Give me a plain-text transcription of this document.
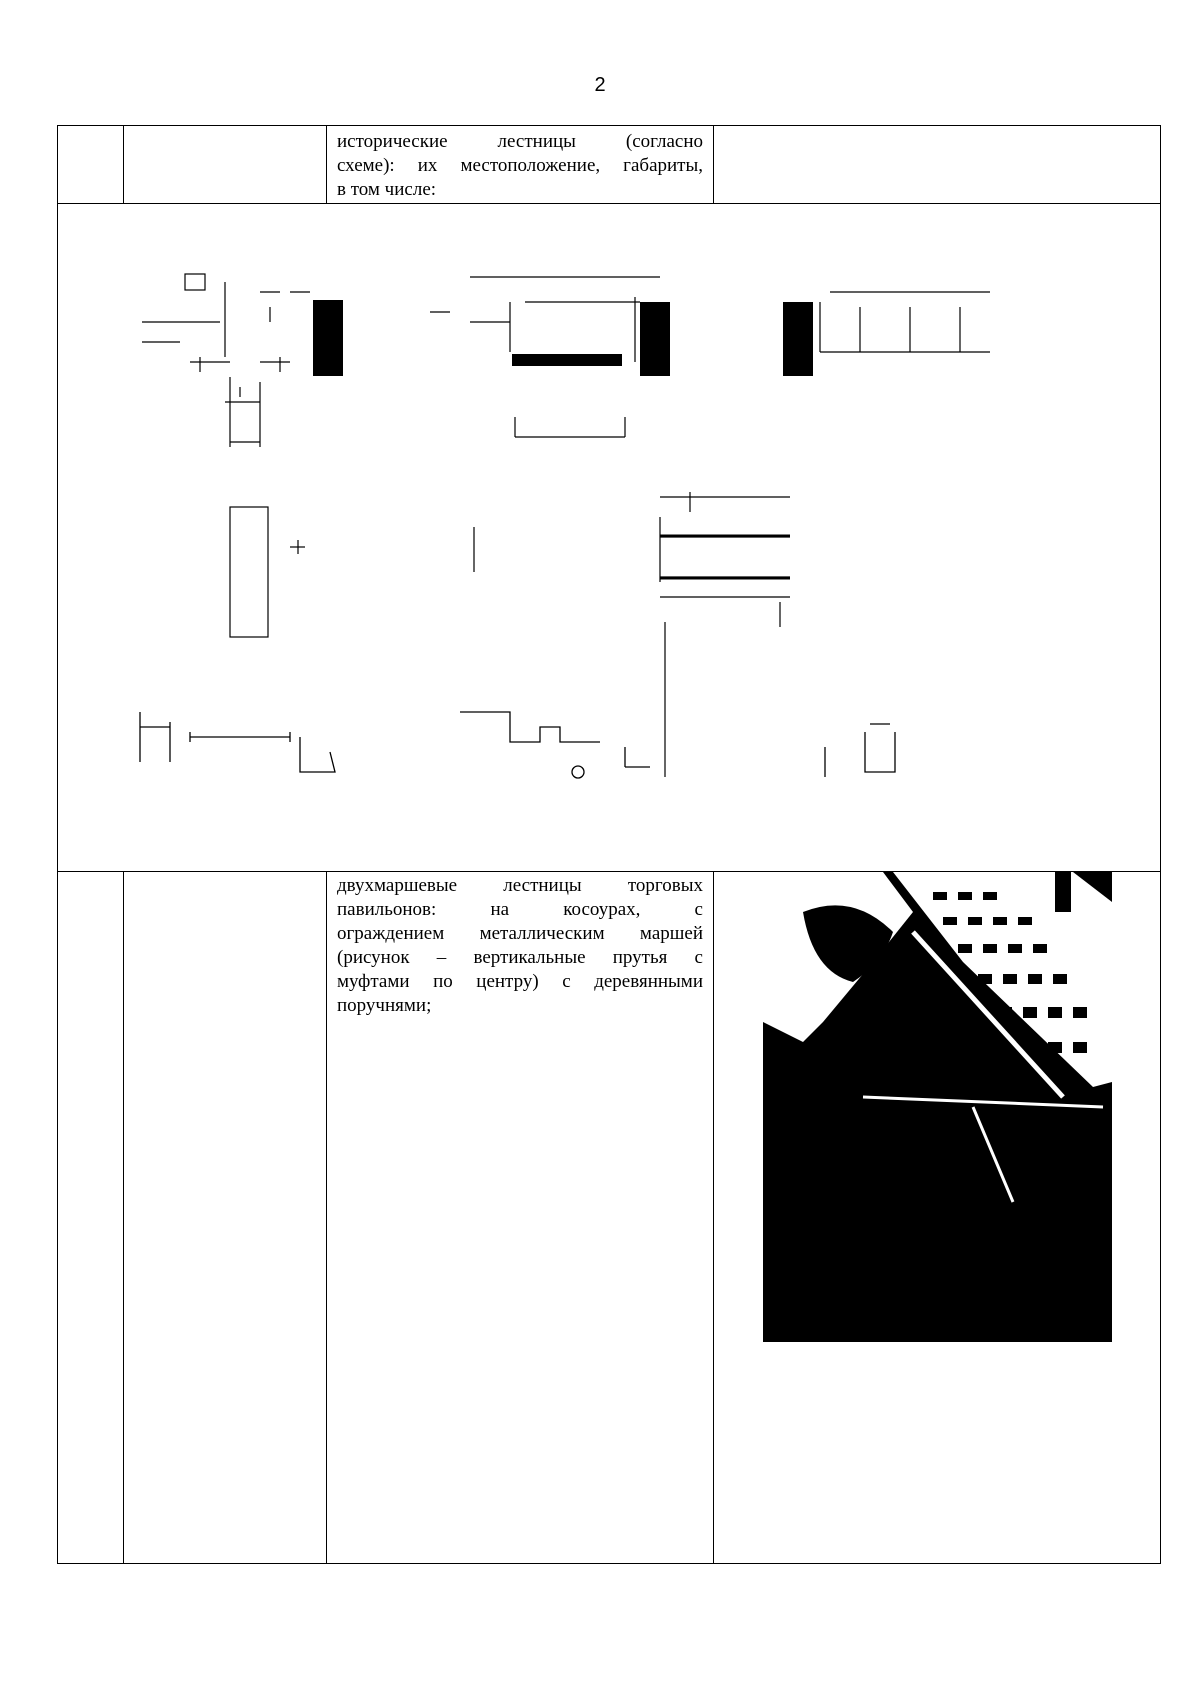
2
исторические лестницы (согласно
схеме): их местоположение, габариты,
в том числе:
двухмаршевые лестницы торговых
павильонов: на косоурах, с
ограждением металлическим маршей
(рисунок – вертикальные прутья с
муфтами по центру) с деревянными
поручнями;
